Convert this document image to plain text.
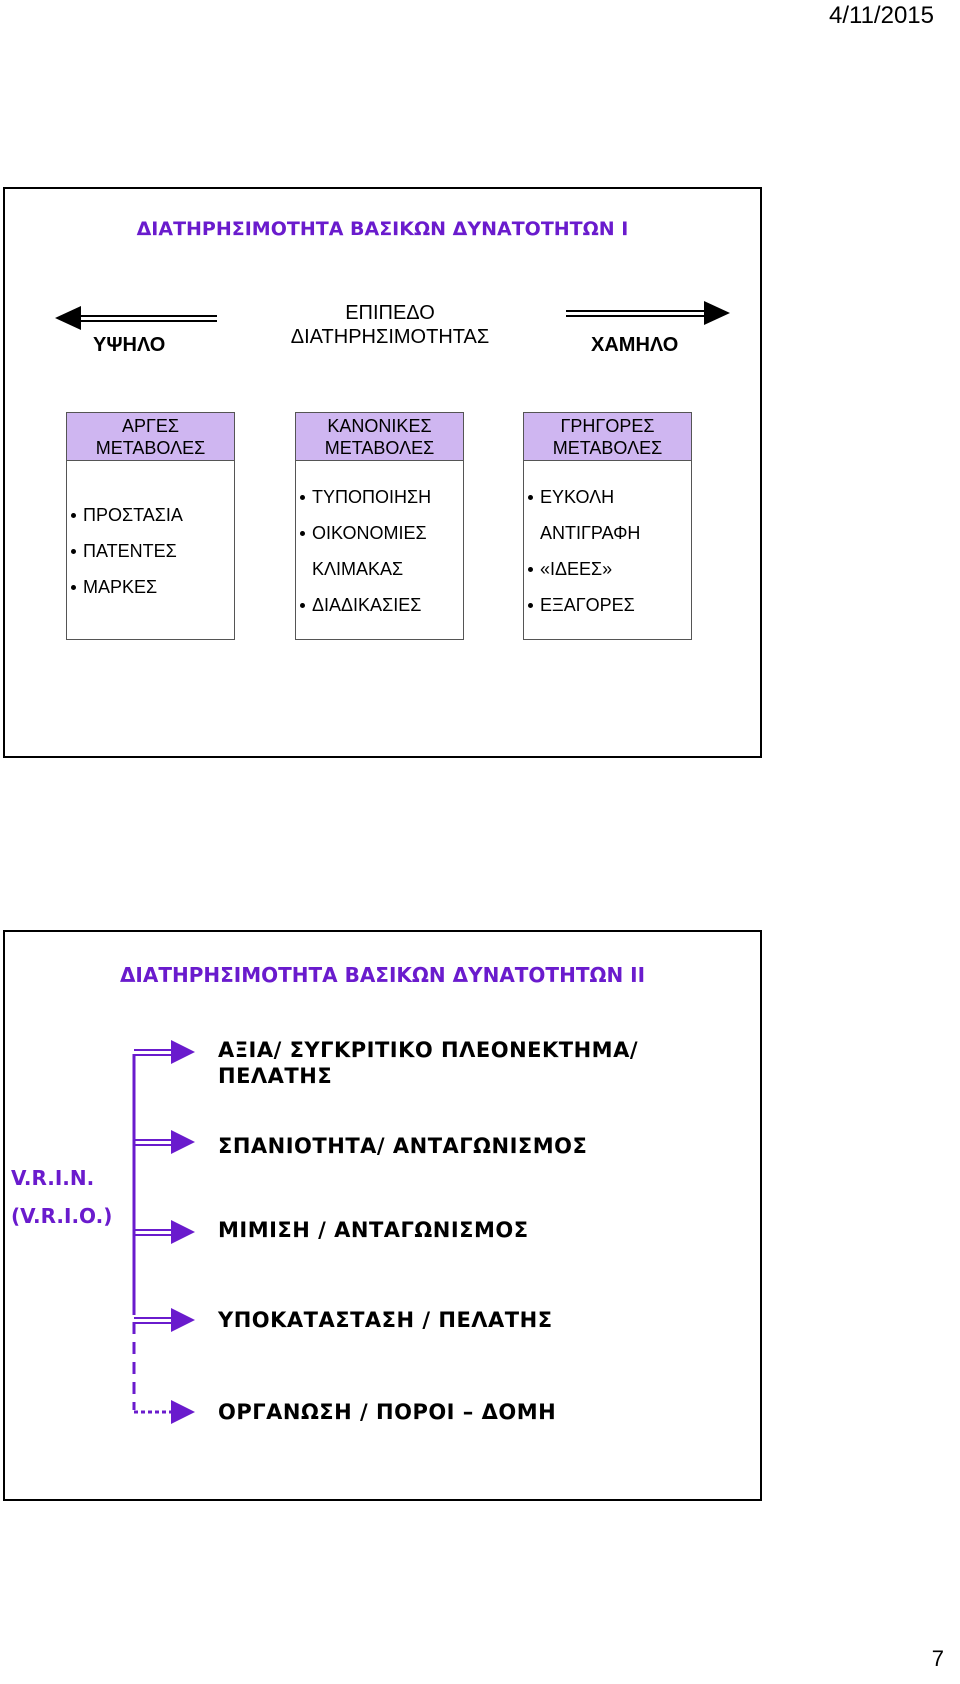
4/11/2015
ΔΙΑΤΗΡΗΣΙΜΟΤΗΤΑ ΒΑΣΙΚΩΝ ΔΥΝΑΤΟΤΗΤΩΝ Ι
ΥΨΗΛΟ	ΧΑΜΗΛΟ
ΕΠΙΠΕΔΟ
ΔΙΑΤΗΡΗΣΙΜΟΤΗΤΑΣ
ΑΡΓΕΣ
ΜΕΤΑΒΟΛΕΣ
ΠΡΟΣΤΑΣΙΑ
ΠΑΤΕΝΤΕΣ
ΜΑΡΚΕΣ
ΚΑΝΟΝΙΚΕΣ
ΜΕΤΑΒΟΛΕΣ
ΤΥΠΟΠΟΙΗΣΗ
ΟΙΚΟΝΟΜΙΕΣ
ΚΛΙΜΑΚΑΣ
ΔΙΑΔΙΚΑΣΙΕΣ
ΓΡΗΓΟΡΕΣ
ΜΕΤΑΒΟΛΕΣ
ΕΥΚΟΛΗ
ΑΝΤΙΓΡΑΦΗ
«ΙΔΕΕΣ»
ΕΞΑΓΟΡΕΣ
ΔΙΑΤΗΡΗΣΙΜΟΤΗΤΑ ΒΑΣΙΚΩΝ ΔΥΝΑΤΟΤΗΤΩΝ ΙΙ
V.R.I.N.
(V.R.I.O.)
ΑΞΙΑ/ ΣΥΓΚΡΙΤΙΚΟ ΠΛΕΟΝΕΚΤΗΜΑ/
ΠΕΛΑΤΗΣ
ΣΠΑΝΙΟΤΗΤΑ/ ΑΝΤΑΓΩΝΙΣΜΟΣ
ΜΙΜΙΣΗ / ΑΝΤΑΓΩΝΙΣΜΟΣ
ΥΠΟΚΑΤΑΣΤΑΣΗ / ΠΕΛΑΤΗΣ
ΟΡΓΑΝΩΣΗ / ΠΟΡΟΙ – ΔΟΜΗ
7
